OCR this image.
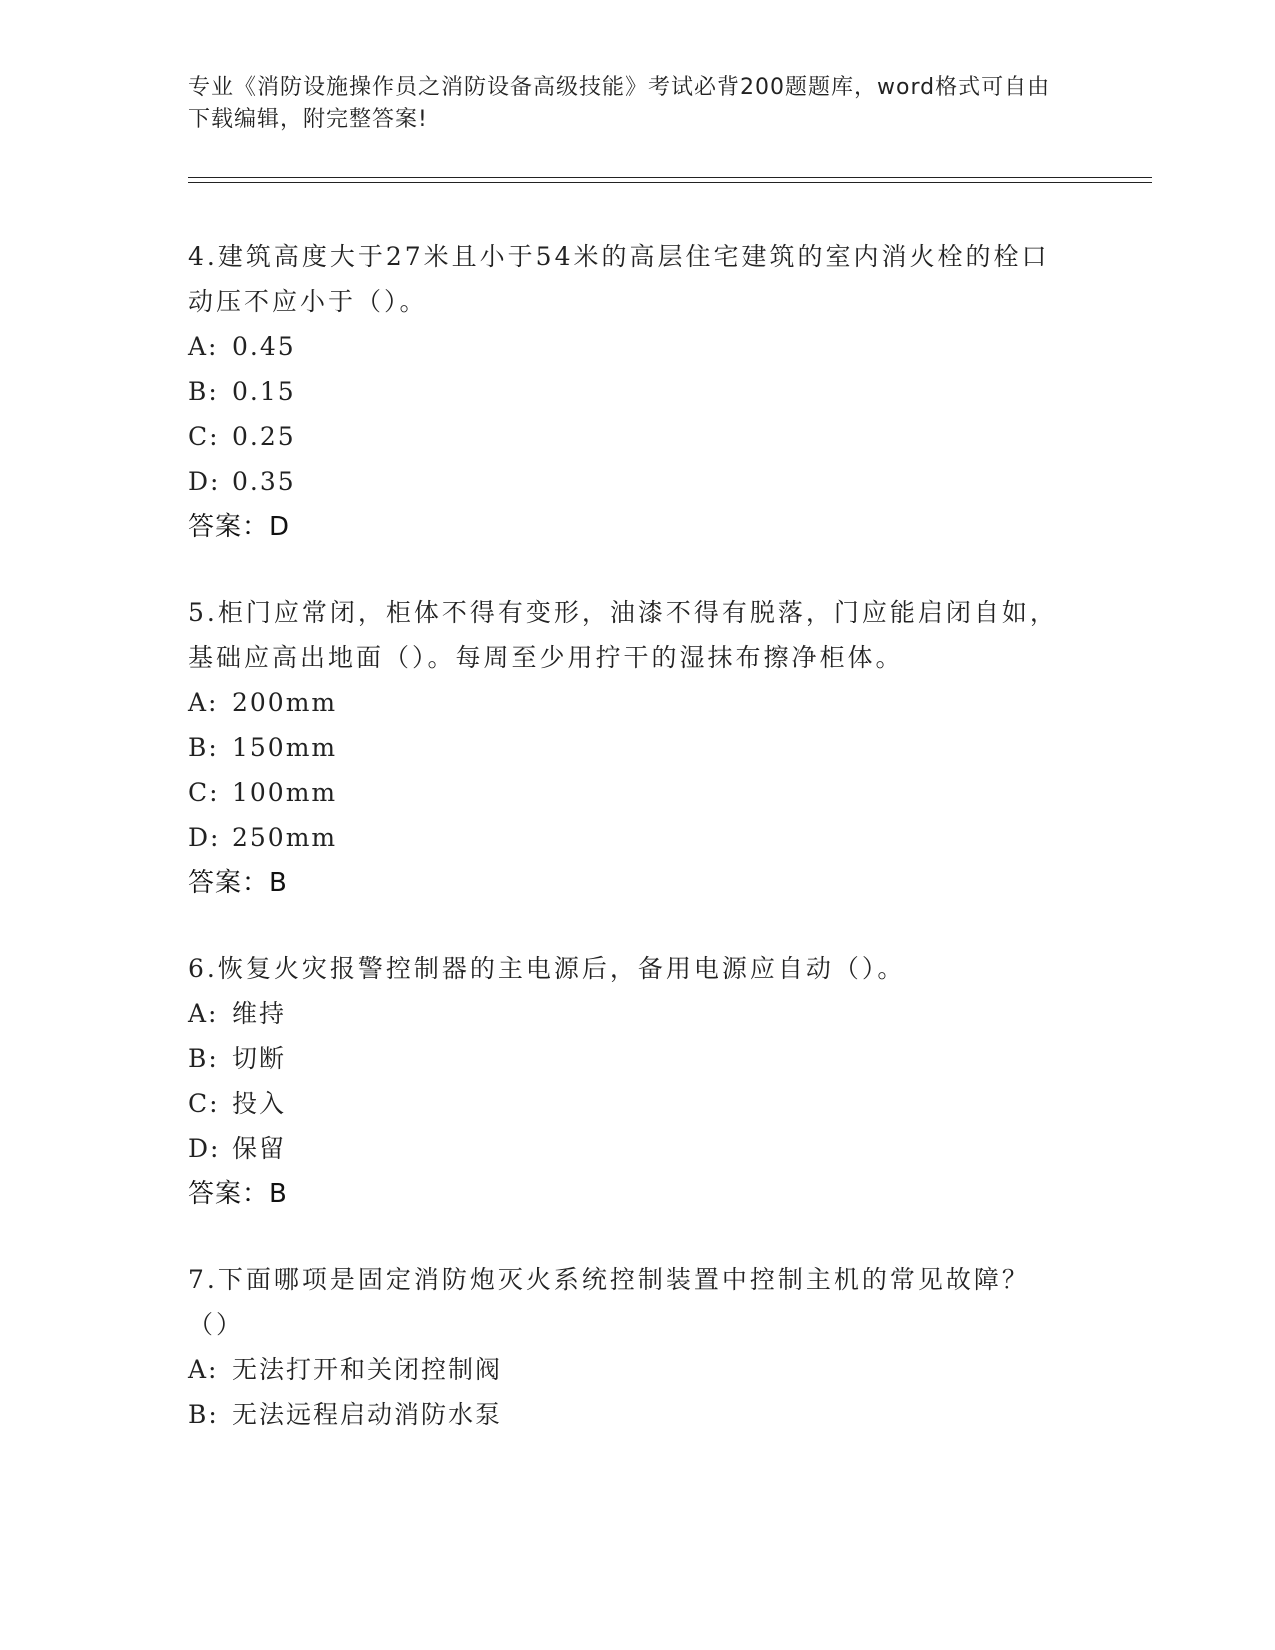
专业《消防设施操作员之消防设备高级技能》考试必背200题题库，word格式可自由下载编辑，附完整答案!

4.建筑高度大于27米且小于54米的高层住宅建筑的室内消火栓的栓口动压不应小于（）。

A: 0.45
B: 0.15
C: 0.25
D: 0.35
答案：D

5.柜门应常闭，柜体不得有变形，油漆不得有脱落，门应能启闭自如，基础应高出地面（）。每周至少用拧干的湿抹布擦净柜体。

A: 200mm
B: 150mm
C: 100mm
D: 250mm
答案：B

6.恢复火灾报警控制器的主电源后，备用电源应自动（）。

A: 维持
B: 切断
C: 投入
D: 保留
答案：B

7.下面哪项是固定消防炮灭火系统控制装置中控制主机的常见故障？（）

A: 无法打开和关闭控制阀
B: 无法远程启动消防水泵
